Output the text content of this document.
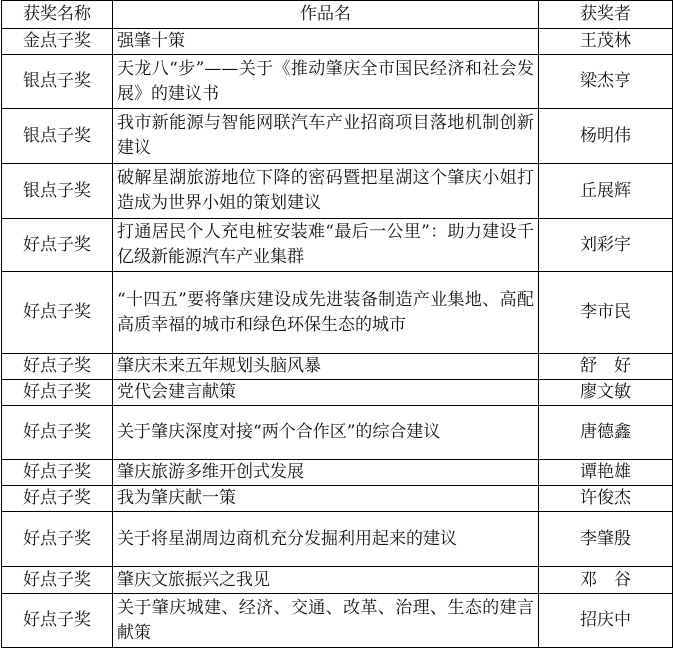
获奖名称	作品名	获奖者
金点子奖	强肇十策	王茂林
银点子奖	天龙八“步”——关于《推动肇庆全市国民经济和社会发展》的建议书	梁杰亨
银点子奖	我市新能源与智能网联汽车产业招商项目落地机制创新建议	杨明伟
银点子奖	破解星湖旅游地位下降的密码暨把星湖这个肇庆小姐打造成为世界小姐的策划建议	丘展辉
好点子奖	打通居民个人充电桩安装难“最后一公里”：助力建设千亿级新能源汽车产业集群	刘彩宇
好点子奖	“十四五”要将肇庆建设成先进装备制造产业集地、高配高质幸福的城市和绿色环保生态的城市	李市民
好点子奖	肇庆未来五年规划头脑风暴	舒　好
好点子奖	党代会建言献策	廖文敏
好点子奖	关于肇庆深度对接“两个合作区”的综合建议	唐德鑫
好点子奖	肇庆旅游多维开创式发展	谭艳雄
好点子奖	我为肇庆献一策	许俊杰
好点子奖	关于将星湖周边商机充分发掘利用起来的建议	李肇殷
好点子奖	肇庆文旅振兴之我见	邓　谷
好点子奖	关于肇庆城建、经济、交通、改革、治理、生态的建言献策	招庆中
